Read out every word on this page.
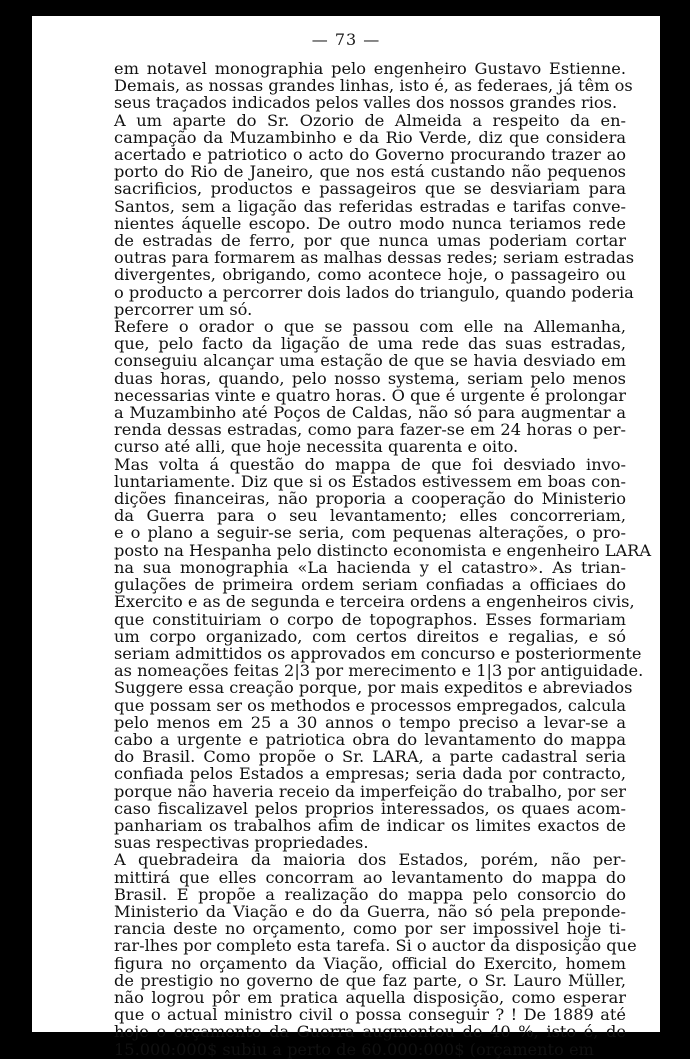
— 73 —

em notavel monographia pelo engenheiro Gustavo Estienne.
Demais, as nossas grandes linhas, isto é, as federaes, já têm os
seus traçados indicados pelos valles dos nossos grandes rios.

A um aparte do Sr. Ozorio de Almeida a respeito da en-
campação da Muzambinho e da Rio Verde, diz que considera
acertado e patriotico o acto do Governo procurando trazer ao
porto do Rio de Janeiro, que nos está custando não pequenos
sacrificios, productos e passageiros que se desviariam para
Santos, sem a ligação das referidas estradas e tarifas conve-
nientes áquelle escopo. De outro modo nunca teriamos rede
de estradas de ferro, por que nunca umas poderiam cortar
outras para formarem as malhas dessas redes; seriam estradas
divergentes, obrigando, como acontece hoje, o passageiro ou
o producto a percorrer dois lados do triangulo, quando poderia
percorrer um só.

Refere o orador o que se passou com elle na Allemanha,
que, pelo facto da ligação de uma rede das suas estradas,
conseguiu alcançar uma estação de que se havia desviado em
duas horas, quando, pelo nosso systema, seriam pelo menos
necessarias vinte e quatro horas. O que é urgente é prolongar
a Muzambinho até Poços de Caldas, não só para augmentar a
renda dessas estradas, como para fazer-se em 24 horas o per-
curso até alli, que hoje necessita quarenta e oito.

Mas volta á questão do mappa de que foi desviado invo-
luntariamente. Diz que si os Estados estivessem em boas con-
dições financeiras, não proporia a cooperação do Ministerio
da Guerra para o seu levantamento; elles concorreriam,
e o plano a seguir-se seria, com pequenas alterações, o pro-
posto na Hespanha pelo distincto economista e engenheiro LARA
na sua monographia «La hacienda y el catastro». As trian-
gulações de primeira ordem seriam confiadas a officiaes do
Exercito e as de segunda e terceira ordens a engenheiros civis,
que constituiriam o corpo de topographos. Esses formariam
um corpo organizado, com certos direitos e regalias, e só
seriam admittidos os approvados em concurso e posteriormente
as nomeações feitas 2|3 por merecimento e 1|3 por antiguidade.
Suggere essa creação porque, por mais expeditos e abreviados
que possam ser os methodos e processos empregados, calcula
pelo menos em 25 a 30 annos o tempo preciso a levar-se a
cabo a urgente e patriotica obra do levantamento do mappa
do Brasil. Como propõe o Sr. LARA, a parte cadastral seria
confiada pelos Estados a empresas; seria dada por contracto,
porque não haveria receio da imperfeição do trabalho, por ser
caso fiscalizavel pelos proprios interessados, os quaes acom-
panhariam os trabalhos afim de indicar os limites exactos de
suas respectivas propriedades.

A quebradeira da maioria dos Estados, porém, não per-
mittirá que elles concorram ao levantamento do mappa do
Brasil. E propõe a realização do mappa pelo consorcio do
Ministerio da Viação e do da Guerra, não só pela preponde-
rancia deste no orçamento, como por ser impossivel hoje ti-
rar-lhes por completo esta tarefa. Si o auctor da disposição que
figura no orçamento da Viação, official do Exercito, homem
de prestigio no governo de que faz parte, o Sr. Lauro Müller,
não logrou pôr em pratica aquella disposição, como esperar
que o actual ministro civil o possa conseguir ? ! De 1889 até
hoje o orçamento da Guerra augmentou de 40 %, isto é, de
15.000:000$ subiu a perto de 60.000:000$ (orçamento em
